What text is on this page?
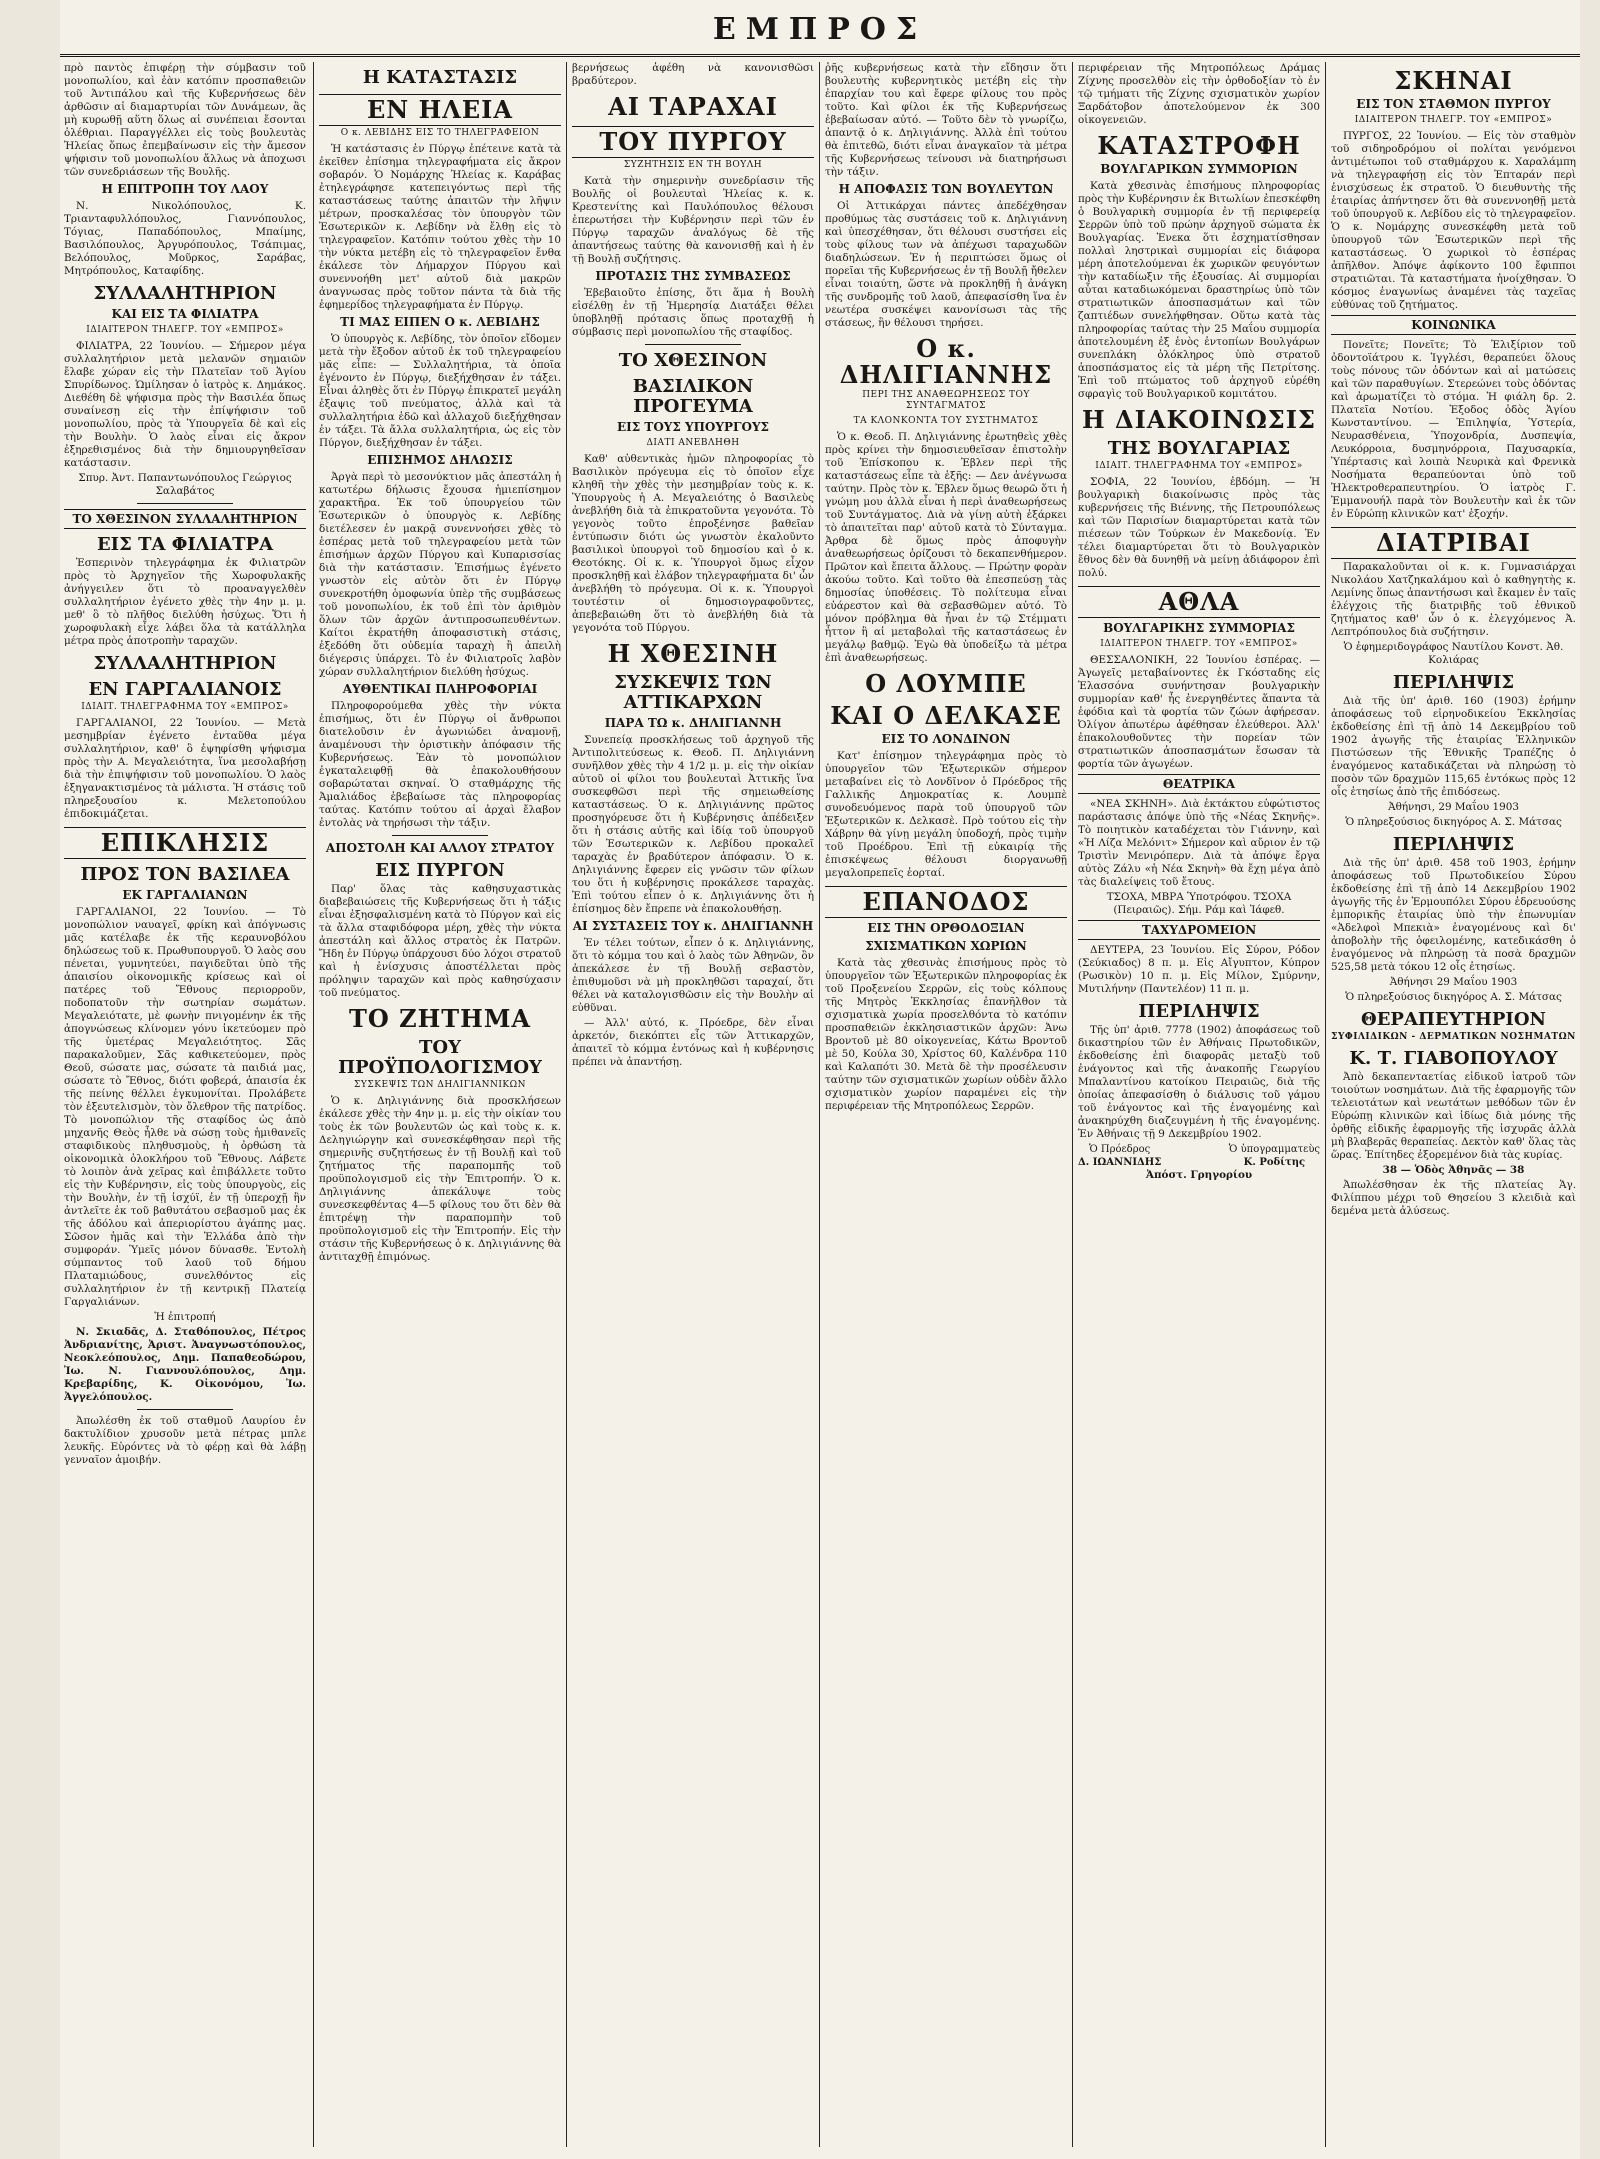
ΕΜΠΡΟΣ

πρὸ παντὸς ἐπιφέρῃ τὴν σύμβασιν τοῦ μονοπωλίου, καὶ ἐὰν κατόπιν προσπαθειῶν τοῦ Ἀντιπάλου καὶ τῆς Κυβερνήσεως δὲν ἀρθῶσιν αἱ διαμαρτυρίαι τῶν Δυνάμεων, ἂς μὴ κυρωθῇ αὕτη ὅλως αἱ συνέπειαι ἔσονται ὀλέθριαι. Παραγγέλλει εἰς τοὺς βουλευτὰς Ἠλείας ὅπως ἐπεμβαίνωσιν εἰς τὴν ἄμεσον ψήφισιν τοῦ μονοπωλίου ἄλλως νὰ ἀποχωσι τῶν συνεδριάσεων τῆς Βουλῆς.

Η ΕΠΙΤΡΟΠΗ ΤΟΥ ΛΑΟΥ

Ν. Νικολόπουλος, Κ. Τριανταφυλλόπουλος, Γιαννόπουλος, Τόγιας, Παπαδόπουλος, Μπαίμης, Βασιλόπουλος, Ἀργυρόπουλος, Τσάπιμας, Βελόπουλος, Μοῦρκος, Σαράβας, Μητρόπουλος, Καταφίδης.

ΣΥΛΛΑΛΗΤΗΡΙΟΝ
ΚΑΙ ΕΙΣ ΤΑ ΦΙΛΙΑΤΡΑ
ΙΔΙΑΙΤΕΡΟΝ ΤΗΛΕΓΡ. ΤΟΥ «ΕΜΠΡΟΣ»

ΦΙΛΙΑΤΡΑ, 22 Ἰουνίου. — Σήμερον μέγα συλλαλητήριον μετὰ μελανῶν σημαιῶν ἔλαβε χώραν εἰς τὴν Πλατεῖαν τοῦ Ἁγίου Σπυρίδωνος. Ὡμίλησαν ὁ ἰατρὸς κ. Δημάκος. Διεθέθη δὲ ψήφισμα πρὸς τὴν Βασιλέα ὅπως συναίνεσῃ εἰς τὴν ἐπίψήφισιν τοῦ μονοπωλίου, πρὸς τὰ Ὑπουργεῖα δὲ καὶ εἰς τὴν Βουλὴν. Ὁ λαὸς εἶναι εἰς ἄκρον ἐξηρεθισμένος διὰ τὴν δημιουργηθεῖσαν κατάστασιν.

Σπυρ. Ἀντ. Παπαντωνόπουλος Γεώργιος Σαλαβάτος

ΤΟ ΧΘΕΣΙΝΟΝ ΣΥΛΛΑΛΗΤΗΡΙΟΝ
ΕΙΣ ΤΑ ΦΙΛΙΑΤΡΑ

Ἑσπερινὸν τηλεγράφημα ἐκ Φιλιατρῶν πρὸς τὸ Ἀρχηγεῖον τῆς Χωροφυλακῆς ἀνήγγειλεν ὅτι τὸ προαναγγελθὲν συλλαλητήριον ἐγένετο χθὲς τὴν 4ην μ. μ. μεθ' ὃ τὸ πλῆθος διελύθη ἡσύχως. Ὅτι ἡ χωροφυλακὴ εἶχε λάβει ὅλα τὰ κατάλληλα μέτρα πρὸς ἀποτροπὴν ταραχῶν.

ΣΥΛΛΑΛΗΤΗΡΙΟΝ
ΕΝ ΓΑΡΓΑΛΙΑΝΟΙΣ
ΙΔΙΑΙΤ. ΤΗΛΕΓΡΑΦΗΜΑ ΤΟΥ «ΕΜΠΡΟΣ»

ΓΑΡΓΑΛΙΑΝΟΙ, 22 Ἰουνίου. — Μετὰ μεσημβρίαν ἐγένετο ἐνταῦθα μέγα συλλαλητήριον, καθ' ὃ ἐψηφίσθη ψήφισμα πρὸς τὴν Α. Μεγαλειότητα, ἵνα μεσολαβήσῃ διὰ τὴν ἐπιψήφισιν τοῦ μονοπωλίου. Ὁ λαὸς ἐξηγανακτισμένος τὰ μάλιστα. Ἡ στάσις τοῦ πληρεξουσίου κ. Μελετοπούλου ἐπιδοκιμάζεται.

ΕΠΙΚΛΗΣΙΣ
ΠΡΟΣ ΤΟΝ ΒΑΣΙΛΕΑ
ΕΚ ΓΑΡΓΑΛΙΑΝΩΝ

ΓΑΡΓΑΛΙΑΝΟΙ, 22 Ἰουνίου. — Τὸ μονοπώλιον ναυαγεῖ, φρίκη καὶ ἀπόγνωσις μᾶς κατέλαβε ἐκ τῆς κεραυνοβόλου δηλώσεως τοῦ κ. Πρωθυπουργοῦ. Ὁ λαὸς σου πένεται, γυμνητεύει, παγιδεῦται ὑπὸ τῆς ἀπαισίου οἰκονομικῆς κρίσεως καὶ οἱ πατέρες τοῦ Ἔθνους περιορροῦν, ποδοπατοῦν τὴν σωτηρίαν σωμάτων. Μεγαλειότατε, μὲ φωνὴν πνιγομένην ἐκ τῆς ἀπογνώσεως κλίνομεν γόνυ ἱκετεύομεν πρὸ τῆς ὑμετέρας Μεγαλειότητος. Σᾶς παρακαλοῦμεν, Σᾶς καθικετεύομεν, πρὸς Θεοῦ, σώσατε μας, σώσατε τὰ παιδιά μας, σώσατε τὸ Ἔθνος, διότι φοβερά, ἀπαισία ἐκ τῆς πείνης θέλλει ἐγκυμονίται. Προλάβετε τὸν ἐξευτελισμὸν, τὸν ὄλεθρον τῆς πατρίδος. Τὸ μονοπώλιον τῆς σταφίδος ὡς ἀπὸ μηχανῆς Θεὸς ἦλθε νὰ σώσῃ τοὺς ἡμιθανεῖς σταφιδικοὺς πληθυσμοὺς, ἡ ὀρθώση τὰ οἰκονομικὰ ὁλοκλήρου τοῦ Ἔθνους. Λάβετε τὸ λοιπὸν ἀνὰ χεῖρας καὶ ἐπιβάλλετε τοῦτο εἰς τὴν Κυβέρνησιν, εἰς τοὺς ὑπουργοὺς, εἰς τὴν Βουλὴν, ἐν τῇ ἰσχύϊ, ἐν τῇ ὑπεροχῇ ἢν ἀντλεῖτε ἐκ τοῦ βαθυτάτου σεβασμοῦ μας ἐκ τῆς ἀδόλου καὶ ἀπεριορίστου ἀγάπης μας. Σῶσον ἡμᾶς καὶ τὴν Ἑλλάδα ἀπὸ τὴν συμφοράν. Ὑμεῖς μόνον δύνασθε. Ἐντολὴ σύμπαντος τοῦ λαοῦ τοῦ δήμου Πλαταμιώδους, συνελθόντος εἰς συλλαλητήριον ἐν τῇ κεντρικῇ Πλατείᾳ Γαργαλιάνων.

Ἡ ἐπιτροπή

Ν. Σκιαδᾶς, Δ. Σταθόπουλος, Πέτρος Ἀνδριανίτης, Ἀριστ. Ἀναγνωστόπουλος, Νεοκλεόπουλος, Δημ. Παπαθεοδώρου, Ἰω. Ν. Γιαννουλόπουλος, Δημ. Κρεβαρίδης, Κ. Οἰκονόμου, Ἰω. Ἀγγελόπουλος.

Ἀπωλέσθη ἐκ τοῦ σταθμοῦ Λαυρίου ἐν δακτυλίδιον χρυσοῦν μετὰ πέτρας μπλε λευκῆς. Εὑρόντες νὰ τὸ φέρῃ καὶ θὰ λάβῃ γενναῖον ἀμοιβήν.

Η ΚΑΤΑΣΤΑΣΙΣ
ΕΝ ΗΛΕΙΑ
Ο κ. ΛΕΒΙΔΗΣ ΕΙΣ ΤΟ ΤΗΛΕΓΡΑΦΕΙΟΝ

Ἡ κατάστασις ἐν Πύργῳ ἐπέτεινε κατὰ τὰ ἐκεῖθεν ἐπίσημα τηλεγραφήματα εἰς ἄκρον σοβαρόν. Ὁ Νομάρχης Ἠλείας κ. Καράβας ἐτηλεγράφησε κατεπειγόντως περὶ τῆς καταστάσεως ταύτης ἀπαιτῶν τὴν λῆψιν μέτρων, προσκαλέσας τὸν ὑπουργὸν τῶν Ἐσωτερικῶν κ. Λεβίδην νὰ ἔλθῃ εἰς τὸ τηλεγραφεῖον. Κατόπιν τούτου χθὲς τὴν 10 τὴν νύκτα μετέβη εἰς τὸ τηλεγραφεῖον ἔνθα ἐκάλεσε τὸν Δήμαρχον Πύργου καὶ συνεννοήθη μετ' αὐτοῦ διὰ μακρῶν ἀναγνωσας πρὸς τοῦτον πάντα τὰ διὰ τῆς ἐφημερίδος τηλεγραφήματα ἐν Πύργῳ.

ΤΙ ΜΑΣ ΕΙΠΕΝ Ο κ. ΛΕΒΙΔΗΣ

Ὁ ὑπουργὸς κ. Λεβίδης, τὸν ὁποῖον εἴδομεν μετὰ τὴν ἔξοδον αὐτοῦ ἐκ τοῦ τηλεγραφείου μᾶς εἶπε: — Συλλαλητήρια, τὰ ὁποῖα ἐγένοντο ἐν Πύργῳ, διεξήχθησαν ἐν τάξει. Εἶναι ἀληθὲς ὅτι ἐν Πύργῳ ἐπικρατεῖ μεγάλη ἐξαψις τοῦ πνεύματος, ἀλλὰ καὶ τὰ συλλαλητήρια ἐδῶ καὶ ἀλλαχοῦ διεξήχθησαν ἐν τάξει. Τὰ ἄλλα συλλαλητήρια, ὡς εἰς τὸν Πύργον, διεξήχθησαν ἐν τάξει.

ΕΠΙΣΗΜΟΣ ΔΗΛΩΣΙΣ

Ἀργὰ περὶ τὸ μεσονύκτιον μᾶς ἀπεστάλη ἡ κατωτέρω δήλωσις ἔχουσα ἡμιεπίσημον χαρακτῆρα. Ἐκ τοῦ ὑπουργείου τῶν Ἐσωτερικῶν ὁ ὑπουργὸς κ. Λεβίδης διετέλεσεν ἐν μακρᾷ συνεννοήσει χθὲς τὸ ἑσπέρας μετὰ τοῦ τηλεγραφείου μετὰ τῶν ἐπισήμων ἀρχῶν Πύργου καὶ Κυπαρισσίας διὰ τὴν κατάστασιν. Ἐπισήμως ἐγένετο γνωστὸν εἰς αὐτὸν ὅτι ἐν Πύργῳ συνεκροτήθη ὁμοφωνία ὑπὲρ τῆς συμβάσεως τοῦ μονοπωλίου, ἐκ τοῦ ἐπὶ τὸν ἀριθμὸν ὅλων τῶν ἀρχῶν ἀντιπροσωπευθέντων. Καίτοι ἐκρατήθη ἀποφασιστικὴ στάσις, ἐξεδόθη ὅτι οὐδεμία ταραχὴ ἢ ἀπειλὴ διέγερσις ὑπάρχει. Τὸ ἐν Φιλιατροῖς λαβὸν χώραν συλλαλητήριον διελύθη ἡσύχως.

ΑΥΘΕΝΤΙΚΑΙ ΠΛΗΡΟΦΟΡΙΑΙ

Πληροφορούμεθα χθὲς τὴν νύκτα ἐπισήμως, ὅτι ἐν Πύργῳ οἱ ἄνθρωποι διατελοῦσιν ἐν ἀγωνιώδει ἀναμονῇ, ἀναμένουσι τὴν ὁριστικὴν ἀπόφασιν τῆς Κυβερνήσεως. Ἐὰν τὸ μονοπώλιον ἐγκαταλειφθῇ θὰ ἐπακολουθήσουν σοβαρώταται σκηναί. Ὁ σταθμάρχης τῆς Ἀμαλιάδος ἐβεβαίωσε τὰς πληροφορίας ταύτας. Κατόπιν τούτου αἱ ἀρχαὶ ἔλαβον ἐντολὰς νὰ τηρήσωσι τὴν τάξιν.

ΑΠΟΣΤΟΛΗ ΚΑΙ ΑΛΛΟΥ ΣΤΡΑΤΟΥ
ΕΙΣ ΠΥΡΓΟΝ

Παρ' ὅλας τὰς καθησυχαστικὰς διαβεβαιώσεις τῆς Κυβερνήσεως ὅτι ἡ τάξις εἶναι ἐξησφαλισμένη κατὰ τὸ Πύργον καὶ εἰς τὰ ἄλλα σταφιδόφορα μέρη, χθὲς τὴν νύκτα ἀπεστάλη καὶ ἄλλος στρατὸς ἐκ Πατρῶν. Ἤδη ἐν Πύργῳ ὑπάρχουσι δύο λόχοι στρατοῦ καὶ ἡ ἐνίσχυσις ἀποστέλλεται πρὸς πρόληψιν ταραχῶν καὶ πρὸς καθησύχασιν τοῦ πνεύματος.

ΤΟ ΖΗΤΗΜΑ
ΤΟΥ ΠΡΟΫΠΟΛΟΓΙΣΜΟΥ
ΣΥΣΚΕΨΙΣ ΤΩΝ ΔΗΛΙΓΙΑΝΝΙΚΩΝ

Ὁ κ. Δηλιγιάννης διὰ προσκλήσεων ἐκάλεσε χθὲς τὴν 4ην μ. μ. εἰς τὴν οἰκίαν του τοὺς ἐκ τῶν βουλευτῶν ὡς καὶ τοὺς κ. κ. Δεληγιώργην καὶ συνεσκέφθησαν περὶ τῆς σημερινῆς συζητήσεως ἐν τῇ Βουλῇ καὶ τοῦ ζητήματος τῆς παραπομπῆς τοῦ προϋπολογισμοῦ εἰς τὴν Ἐπιτροπήν. Ὁ κ. Δηλιγιάννης ἀπεκάλυψε τοὺς συνεσκεφθέντας 4—5 φίλους του ὅτι δὲν θὰ ἐπιτρέψῃ τὴν παραπομπὴν τοῦ προϋπολογισμοῦ εἰς τὴν Ἐπιτροπήν. Εἰς τὴν στάσιν τῆς Κυβερνήσεως ὁ κ. Δηλιγιάννης θὰ ἀντιταχθῇ ἐπιμόνως.

βερνήσεως ἀφέθη νὰ κανονισθῶσι βραδύτερον.

ΑΙ ΤΑΡΑΧΑΙ
ΤΟΥ ΠΥΡΓΟΥ
ΣΥΖΗΤΗΣΙΣ ΕΝ ΤΗ ΒΟΥΛΗ

Κατὰ τὴν σημερινὴν συνεδρίασιν τῆς Βουλῆς οἱ βουλευταὶ Ἠλείας κ. κ. Κρεστενίτης καὶ Παυλόπουλος θέλουσι ἐπερωτήσει τὴν Κυβέρνησιν περὶ τῶν ἐν Πύργῳ ταραχῶν ἀναλόγως δὲ τῆς ἀπαντήσεως ταύτης θὰ κανονισθῇ καὶ ἡ ἐν τῇ Βουλῇ συζήτησις.

ΠΡΟΤΑΣΙΣ ΤΗΣ ΣΥΜΒΑΣΕΩΣ

Ἐβεβαιοῦτο ἐπίσης, ὅτι ἅμα ἡ Βουλὴ εἰσέλθῃ ἐν τῇ Ἡμερησίᾳ Διατάξει θέλει ὑποβληθῇ πρότασις ὅπως προταχθῇ ἡ σύμβασις περὶ μονοπωλίου τῆς σταφίδος.

ΤΟ ΧΘΕΣΙΝΟΝ
ΒΑΣΙΛΙΚΟΝ ΠΡΟΓΕΥΜΑ
ΕΙΣ ΤΟΥΣ ΥΠΟΥΡΓΟΥΣ
ΔΙΑΤΙ ΑΝΕΒΛΗΘΗ

Καθ' αὐθεντικὰς ἡμῶν πληροφορίας τὸ Βασιλικὸν πρόγευμα εἰς τὸ ὁποῖον εἶχε κληθῆ τὴν χθὲς τὴν μεσημβρίαν τοὺς κ. κ. Ὑπουργοὺς ἡ Α. Μεγαλειότης ὁ Βασιλεὺς ἀνεβλήθη διὰ τὰ ἐπικρατοῦντα γεγονότα. Τὸ γεγονὸς τοῦτο ἐπροξένησε βαθεῖαν ἐντύπωσιν διότι ὡς γνωστὸν ἐκαλοῦντο βασιλικοὶ ὑπουργοὶ τοῦ δημοσίου καὶ ὁ κ. Θεοτόκης. Οἱ κ. κ. Ὑπουργοὶ ὅμως εἶχον προσκληθῇ καὶ ἐλάβον τηλεγραφήματα δι' ὧν ἀνεβλήθη τὸ πρόγευμα. Οἱ κ. κ. Ὑπουργοὶ τουτέστιν οἱ δημοσιογραφοῦντες, ἀπεβεβαιώθη ὅτι τὸ ἀνεβλήθη διὰ τὰ γεγονότα τοῦ Πύργου.

Η ΧΘΕΣΙΝΗ
ΣΥΣΚΕΨΙΣ ΤΩΝ ΑΤΤΙΚΑΡΧΩΝ
ΠΑΡΑ ΤΩ κ. ΔΗΛΙΓΙΑΝΝΗ

Συνεπείᾳ προσκλήσεως τοῦ ἀρχηγοῦ τῆς Ἀντιπολιτεύσεως κ. Θεοδ. Π. Δηλιγιάννη συνῆλθον χθὲς τὴν 4 1/2 μ. μ. εἰς τὴν οἰκίαν αὐτοῦ οἱ φίλοι του βουλευταὶ Ἀττικῆς ἵνα συσκεφθῶσι περὶ τῆς σημειωθείσης καταστάσεως. Ὁ κ. Δηλιγιάννης πρῶτος προσηγόρευσε ὅτι ἡ Κυβέρνησις ἀπέδειξεν ὅτι ἡ στάσις αὐτῆς καὶ ἰδίᾳ τοῦ ὑπουργοῦ τῶν Ἐσωτερικῶν κ. Λεβίδου προκαλεῖ ταραχὰς ἐν βραδύτερον ἀπόφασιν. Ὁ κ. Δηλιγιάννης ἔφερεν εἰς γνῶσιν τῶν φίλων του ὅτι ἡ κυβέρνησις προκάλεσε ταραχὰς. Ἐπὶ τούτου εἶπεν ὁ κ. Δηλιγιάννης ὅτι ἡ ἐπίσημος δὲν ἔπρεπε νὰ ἐπακολουθήσῃ.

ΑΙ ΣΥΣΤΑΣΕΙΣ ΤΟΥ κ. ΔΗΛΙΓΙΑΝΝΗ

Ἐν τέλει τούτων, εἶπεν ὁ κ. Δηλιγιάννης, ὅτι τὸ κόμμα του καὶ ὁ λαὸς τῶν Ἀθηνῶν, ὃν ἀπεκάλεσε ἐν τῇ Βουλῇ σεβαστὸν, ἐπιθυμοῦσι νὰ μὴ προκληθῶσι ταραχαί, ὅτι θέλει νὰ καταλογισθῶσιν εἰς τὴν Βουλὴν αἱ εὐθῦναι.

— Ἀλλ' αὐτό, κ. Πρόεδρε, δὲν εἶναι ἀρκετόν, διεκόπτει εἷς τῶν Ἀττικαρχῶν, ἀπαιτεῖ τὸ κόμμα ἐντόνως καὶ ἡ κυβέρνησις πρέπει νὰ ἀπαντήσῃ.

ῥῆς κυβερνήσεως κατὰ τὴν εἴδησιν ὅτι βουλευτὴς κυβερνητικὸς μετέβη εἰς τὴν ἐπαρχίαν του καὶ ἔφερε φίλους του πρὸς τοῦτο. Καὶ φίλοι ἐκ τῆς Κυβερνήσεως ἐβεβαίωσαν αὐτό. — Τοῦτο δὲν τὸ γνωρίζω, ἀπαντᾷ ὁ κ. Δηλιγιάννης. Ἀλλὰ ἐπὶ τούτου θὰ ἐπιτεθῶ, διότι εἶναι ἀναγκαῖον τὰ μέτρα τῆς Κυβερνήσεως τείνουσι νὰ διατηρήσωσι τὴν τάξιν.

Η ΑΠΟΦΑΣΙΣ ΤΩΝ ΒΟΥΛΕΥΤΩΝ

Οἱ Ἀττικάρχαι πάντες ἀπεδέχθησαν προθύμως τὰς συστάσεις τοῦ κ. Δηλιγιάννη καὶ ὑπεσχέθησαν, ὅτι θέλουσι συστήσει εἰς τοὺς φίλους των νὰ ἀπέχωσι ταραχωδῶν διαδηλώσεων. Ἐν ἡ περιπτώσει ὅμως οἱ πορεῖαι τῆς Κυβερνήσεως ἐν τῇ Βουλῇ ἤθελεν εἶναι τοιαύτη, ὥστε νὰ προκληθῇ ἡ ἀνάγκη τῆς συνδρομῆς τοῦ λαοῦ, ἀπεφασίσθη ἵνα ἐν νεωτέρα συσκέψει κανονίσωσι τὰς τῆς στάσεως, ἣν θέλουσι τηρήσει.

Ο κ. ΔΗΛΙΓΙΑΝΝΗΣ
ΠΕΡΙ ΤΗΣ ΑΝΑΘΕΩΡΗΣΕΩΣ ΤΟΥ ΣΥΝΤΑΓΜΑΤΟΣ
ΤΑ ΚΛΟΝΚΟΝΤΑ ΤΟΥ ΣΥΣΤΗΜΑΤΟΣ

Ὁ κ. Θεοδ. Π. Δηλιγιάννης ἐρωτηθεὶς χθὲς πρὸς κρίνει τὴν δημοσιευθεῖσαν ἐπιστολὴν τοῦ Ἐπίσκοπου κ. Ἐβλεν περὶ τῆς καταστάσεως εἶπε τὰ ἑξῆς: — Δεν ἀνέγνωσα ταύτην. Πρὸς τὸν κ. Ἐβλεν ὅμως θεωρῶ ὅτι ἡ γνώμη μου ἀλλὰ εἶναι ἡ περὶ ἀναθεωρήσεως τοῦ Συντάγματος. Διὰ νὰ γίνῃ αὐτὴ ἐξάρκει τὸ ἀπαιτεῖται παρ' αὐτοῦ κατὰ τὸ Σύνταγμα. Ἀρθρα δὲ ὅμως πρὸς ἀποφυγὴν ἀναθεωρήσεως ὁρίζουσι τὸ δεκαπενθήμερον. Πρῶτον καὶ ἔπειτα ἄλλους. — Πρώτην φορὰν ἀκούω τοῦτο. Καὶ τοῦτο θὰ ἐπεσπεύσῃ τὰς δημοσίας ὑποθέσεις. Τὸ πολίτευμα εἶναι εὐάρεστον καὶ θὰ σεβασθῶμεν αὐτό. Τὸ μόνον πρόβλημα θὰ ἦναι ἐν τῷ Στέμματι ἧττον ἢ αἱ μεταβολαὶ τῆς καταστάσεως ἐν μεγάλῳ βαθμῷ. Ἐγὼ θὰ ὑποδείξω τὰ μέτρα ἐπὶ ἀναθεωρήσεως.

Ο ΛΟΥΜΠΕ
ΚΑΙ Ο ΔΕΛΚΑΣΕ
ΕΙΣ ΤΟ ΛΟΝΔΙΝΟΝ

Κατ' ἐπίσημον τηλεγράφημα πρὸς τὸ ὑπουργεῖον τῶν Ἐξωτερικῶν σήμερον μεταβαίνει εἰς τὸ Λονδῖνον ὁ Πρόεδρος τῆς Γαλλικῆς Δημοκρατίας κ. Λουμπὲ συνοδευόμενος παρὰ τοῦ ὑπουργοῦ τῶν Ἐξωτερικῶν κ. Δελκασὲ. Πρὸ τούτου εἰς τὴν Χάβρην θὰ γίνῃ μεγάλη ὑποδοχή, πρὸς τιμὴν τοῦ Προέδρου. Ἐπὶ τῇ εὐκαιρίᾳ τῆς ἐπισκέψεως θέλουσι διοργανωθῇ μεγαλοπρεπεῖς ἑορταί.

ΕΠΑΝΟΔΟΣ
ΕΙΣ ΤΗΝ ΟΡΘΟΔΟΞΙΑΝ
ΣΧΙΣΜΑΤΙΚΩΝ ΧΩΡΙΩΝ

Κατὰ τὰς χθεσινὰς ἐπισήμους πρὸς τὸ ὑπουργεῖον τῶν Ἐξωτερικῶν πληροφορίας ἐκ τοῦ Προξενείου Σερρῶν, εἰς τοὺς κόλπους τῆς Μητρὸς Ἐκκλησίας ἐπανῆλθον τὰ σχισματικὰ χωρία προσελθόντα τὸ κατόπιν προσπαθειῶν ἐκκλησιαστικῶν ἀρχῶν: Ἀνω Βροντοῦ μὲ 80 οἰκογενείας, Κάτω Βροντοῦ μὲ 50, Κούλα 30, Χρίστος 60, Καλένδρα 110 καὶ Καλαπότι 30. Μετὰ δὲ τὴν προσέλευσιν ταύτην τῶν σχισματικῶν χωρίων οὐδὲν ἄλλο σχισματικὸν χωρίον παραμένει εἰς τὴν περιφέρειαν τῆς Μητροπόλεως Σερρῶν.

περιφέρειαν τῆς Μητροπόλεως Δράμας Ζίχνης προσελθὸν εἰς τὴν ὀρθοδοξίαν τὸ ἐν τῷ τμήματι τῆς Ζίχνης σχισματικὸν χωρίον Ξαρδάτοβον ἀποτελούμενον ἐκ 300 οἰκογενειῶν.

ΚΑΤΑΣΤΡΟΦΗ
ΒΟΥΛΓΑΡΙΚΩΝ ΣΥΜΜΟΡΙΩΝ

Κατὰ χθεσινὰς ἐπισήμους πληροφορίας πρὸς τὴν Κυβέρνησιν ἐκ Βιτωλίων ἐπεσκέφθη ὁ Βουλγαρικὴ συμμορία ἐν τῇ περιφερείᾳ Σερρῶν ὑπὸ τοῦ πρώην ἀρχηγοῦ σώματα ἐκ Βουλγαρίας. Ἐνεκα ὅτι ἐσχηματίσθησαν πολλαὶ ληστρικαὶ συμμορίαι εἰς διάφορα μέρη ἀποτελούμεναι ἐκ χωρικῶν φευγόντων τὴν καταδίωξιν τῆς ἐξουσίας. Αἱ συμμορίαι αὗται καταδιωκόμεναι δραστηρίως ὑπὸ τῶν στρατιωτικῶν ἀποσπασμάτων καὶ τῶν ζαπτιέδων συνελήφθησαν. Οὕτω κατὰ τὰς πληροφορίας ταύτας τὴν 25 Μαΐου συμμορία ἀποτελουμένη ἐξ ἑνὸς ἐντοπίων Βουλγάρων συνεπλάκη ὁλόκληρος ὑπὸ στρατοῦ ἀποσπάσματος εἰς τὰ μέρη τῆς Πετρίτσης. Ἐπὶ τοῦ πτώματος τοῦ ἀρχηγοῦ εὑρέθη σφραγὶς τοῦ Βουλγαρικοῦ κομιτάτου.

Η ΔΙΑΚΟΙΝΩΣΙΣ
ΤΗΣ ΒΟΥΛΓΑΡΙΑΣ
ΙΔΙΑΙΤ. ΤΗΛΕΓΡΑΦΗΜΑ ΤΟΥ «ΕΜΠΡΟΣ»

ΣΟΦΙΑ, 22 Ἰουνίου, ἐβδόμη. — Ἡ βουλγαρικὴ διακοίνωσις πρὸς τὰς κυβερνήσεις τῆς Βιέννης, τῆς Πετρουπόλεως καὶ τῶν Παρισίων διαμαρτύρεται κατὰ τῶν πιέσεων τῶν Τούρκων ἐν Μακεδονίᾳ. Ἐν τέλει διαμαρτύρεται ὅτι τὸ Βουλγαρικὸν ἔθνος δὲν θὰ δυνηθῇ νὰ μείνῃ ἀδιάφορον ἐπὶ πολύ.

ΑΘΛΑ
ΒΟΥΛΓΑΡΙΚΗΣ ΣΥΜΜΟΡΙΑΣ
ΙΔΙΑΙΤΕΡΟΝ ΤΗΛΕΓΡ. ΤΟΥ «ΕΜΠΡΟΣ»

ΘΕΣΣΑΛΟΝΙΚΗ, 22 Ἰουνίου ἑσπέρας. — Ἀγωγεῖς μεταβαίνοντες ἐκ Γκόσταδης εἰς Ἐλασσόνα συνήντησαν βουλγαρικὴν συμμορίαν καθ' ἧς ἐνεργηθέντες ἅπαντα τὰ ἐφόδια καὶ τὰ φορτία τῶν ζώων ἀφήρεσαν. Ὀλίγον ἀπωτέρω ἀφέθησαν ἐλεύθεροι. Ἀλλ' ἐπακολουθοῦντες τὴν πορείαν τῶν στρατιωτικῶν ἀποσπασμάτων ἔσωσαν τὰ φορτία τῶν ἀγωγέων.

ΘΕΑΤΡΙΚΑ

«ΝΕΑ ΣΚΗΝΗ». Διὰ ἐκτάκτου εὐφώτιστος παράστασις ἀπόψε ὑπὸ τῆς «Νέας Σκηνῆς». Τὸ ποιητικὸν καταδέχεται τὸν Γιάννην, καὶ «Ἡ Λίζα Μελόνιτ» Σήμερον καὶ αὔριον ἐν τῷ Τριστὶν Μενιρόπερν. Διὰ τὰ ἀπόψε ἔργα αὐτὸς Ζάλυ «ἡ Νέα Σκηνὴ» θὰ ἔχῃ μέγα ἀπὸ τὰς διαλείψεις τοῦ ἔτους.

ΤΣΟΧΑ, ΜΒΡΑ Ὑποτρόφου. ΤΣΟΧΑ (Πειραιῶς). Σήμ. Ράμ καὶ Ἰάφεθ.

ΤΑΧΥΔΡΟΜΕΙΟΝ

ΔΕΥΤΕΡΑ, 23 Ἰουνίου. Εἰς Σύρον, Ρόδον (Σεύκιαδος) 8 π. μ. Εἰς Αἴγυπτον, Κύπρον (Ρωσικὸν) 10 π. μ. Εἰς Μίλον, Σμύρνην, Μυτιλήνην (Παντελέον) 11 π. μ.

ΠΕΡΙΛΗΨΙΣ

Τῆς ὑπ' ἀριθ. 7778 (1902) ἀποφάσεως τοῦ δικαστηρίου τῶν ἐν Ἀθήναις Πρωτοδικῶν, ἐκδοθείσης ἐπὶ διαφορᾶς μεταξὺ τοῦ ἐνάγοντος καὶ τῆς ἀνακοπῆς Γεωργίου Μπαλαντίνου κατοίκου Πειραιῶς, διὰ τῆς ὁποίας ἀπεφασίσθη ὁ διάλυσις τοῦ γάμου τοῦ ἐνάγοντος καὶ τῆς ἐναγομένης καὶ ἀνακηρύχθη διαζευγμένη ἡ τῆς ἐναγομένης. Ἐν Ἀθήναις τῇ 9 Δεκεμβρίου 1902.

Ὁ Πρόεδρος
Δ. ΙΩΑΝΝΙΔΗΣ
Ὁ ὑπογραμματεὺς
Κ. Ροδίτης

Ἀπόστ. Γρηγορίου

ΣΚΗΝΑΙ
ΕΙΣ ΤΟΝ ΣΤΑΘΜΟΝ ΠΥΡΓΟΥ
ΙΔΙΑΙΤΕΡΟΝ ΤΗΛΕΓΡ. ΤΟΥ «ΕΜΠΡΟΣ»

ΠΥΡΓΟΣ, 22 Ἰουνίου. — Εἰς τὸν σταθμὸν τοῦ σιδηροδρόμου οἱ πολίται γενόμενοι ἀντιμέτωποι τοῦ σταθμάρχου κ. Χαραλάμπη νὰ τηλεγραφήσῃ εἰς τὸν Ἐπταράν περὶ ἐνισχύσεως ἐκ στρατοῦ. Ὁ διευθυντὴς τῆς ἑταιρίας ἀπήντησεν ὅτι θὰ συνεννοηθῇ μετὰ τοῦ ὑπουργοῦ κ. Λεβίδου εἰς τὸ τηλεγραφεῖον. Ὁ κ. Νομάρχης συνεσκέφθη μετὰ τοῦ ὑπουργοῦ τῶν Ἐσωτερικῶν περὶ τῆς καταστάσεως. Ὁ χωρικοὶ τὸ ἐσπέρας ἀπῆλθον. Ἀπόψε ἀφίκοντο 100 ἔφιπποι στρατιῶται. Τὰ καταστήματα ἠνοίχθησαν. Ὁ κόσμος ἐναγωνίως ἀναμένει τὰς ταχεῖας εὐθύνας τοῦ ζητήματος.

ΚΟΙΝΩΝΙΚΑ

Πονεῖτε; Πονεῖτε; Τὸ Ἐλιξίριον τοῦ ὀδοντοϊάτρου κ. Ἰγγλέσι, θεραπεύει ὅλους τοὺς πόνους τῶν ὀδόντων καὶ αἱ ματώσεις καὶ τῶν παραθυγίων. Στερεώνει τοὺς ὀδόντας καὶ ἀρωματίζει τὸ στόμα. Ἡ φιάλη δρ. 2. Πλατεῖα Νοτίου. Ἐξοδος ὁδὸς Ἁγίου Κωνσταντίνου. — Ἐπιληψία, Ὑστερία, Νευρασθένεια, Ὑποχονδρία, Δυσπεψία, Λευκόρροια, δυσμηνόρροια, Παχυσαρκία, Ὑπέρτασις καὶ λοιπὰ Νευρικὰ καὶ Φρενικὰ Νοσήματα θεραπεύονται ὑπὸ τοῦ Ἠλεκτροθεραπευτηρίου. Ὁ ἰατρὸς Γ. Ἐμμανουήλ παρὰ τὸν Βουλευτὴν καὶ ἐκ τῶν ἐν Εὐρώπῃ κλινικῶν κατ' ἐξοχήν.

ΔΙΑΤΡΙΒΑΙ

Παρακαλοῦνται οἱ κ. κ. Γυμνασιάρχαι Νικολάου Χατζηκαλάμου καὶ ὁ καθηγητὴς κ. Λεμίνης ὅπως ἀπαντήσωσι καὶ ἔκαμεν ἐν ταῖς ἐλέγχοις τῆς διατριβῆς τοῦ ἐθνικοῦ ζητήματος καθ' ὧν ὁ κ. ἐλεγχόμενος Ἀ. Λεπτρόπουλος διὰ συζήτησιν.

Ὁ ἐφημεριδογράφος Ναυτίλου Κονστ. Ἀθ. Κολιάρας

ΠΕΡΙΛΗΨΙΣ

Διὰ τῆς ὑπ' ἀριθ. 160 (1903) ἐρήμην ἀποφάσεως τοῦ εἰρηνοδικείου Ἐκκλησίας ἐκδοθείσης ἐπὶ τῇ ἀπὸ 14 Δεκεμβρίου τοῦ 1902 ἀγωγῆς τῆς ἑταιρίας Ἐλληνικῶν Πιστώσεων τῆς Ἐθνικῆς Τραπέζης ὁ ἐναγόμενος καταδικάζεται νὰ πληρώσῃ τὸ ποσὸν τῶν δραχμῶν 115,65 ἐντόκως πρὸς 12 οἷς ἐτησίως ἀπὸ τῆς ἐπιδόσεως.

Ἀθήνησι, 29 Μαΐου 1903

Ὁ πληρεξούσιος δικηγόρος Α. Σ. Μάτσας

ΠΕΡΙΛΗΨΙΣ

Διὰ τῆς ὑπ' ἀριθ. 458 τοῦ 1903, ἐρήμην ἀποφάσεως τοῦ Πρωτοδικείου Σύρου ἐκδοθείσης ἐπὶ τῇ ἀπὸ 14 Δεκεμβρίου 1902 ἀγωγῆς τῆς ἐν Ἑρμουπόλει Σύρου ἐδρευούσης ἐμπορικῆς ἑταιρίας ὑπὸ τὴν ἐπωνυμίαν «Ἀδελφοὶ Μπεκιὰ» ἐναγομένους καὶ δι' ἀποβολὴν τῆς ὁφειλομένης, κατεδικάσθη ὁ ἐναγόμενος νὰ πληρώσῃ τὰ ποσὰ δραχμῶν 525,58 μετὰ τόκου 12 οἷς ἐτησίως.

Ἀθήνησι 29 Μαΐου 1903

Ὁ πληρεξούσιος δικηγόρος Α. Σ. Μάτσας

ΘΕΡΑΠΕΥΤΗΡΙΟΝ
ΣΥΦΙΛΙΔΙΚΩΝ - ΔΕΡΜΑΤΙΚΩΝ ΝΟΣΗΜΑΤΩΝ
Κ. Τ. ΓΙΑΒΟΠΟΥΛΟΥ

Ἀπὸ δεκαπενταετίας εἰδικοῦ ἰατροῦ τῶν τοιούτων νοσημάτων. Διὰ τῆς ἐφαρμογῆς τῶν τελειοτάτων καὶ νεωτάτων μεθόδων τῶν ἐν Εὐρώπῃ κλινικῶν καὶ ἰδίως διὰ μόνης τῆς ὀρθῆς εἰδικῆς ἐφαρμογῆς τῆς ἰσχυρᾶς ἀλλὰ μὴ βλαβερᾶς θεραπείας. Δεκτὸν καθ' ὅλας τὰς ὥρας. Ἐπίτηδες ἐξορεμένον διὰ τὰς κυρίας.

38 — Ὁδὸς Ἀθηνᾶς — 38

Ἀπωλέσθησαν ἐκ τῆς πλατείας Ἁγ. Φιλίππου μέχρι τοῦ Θησείου 3 κλειδιὰ καὶ δεμένα μετὰ ἀλύσεως.
